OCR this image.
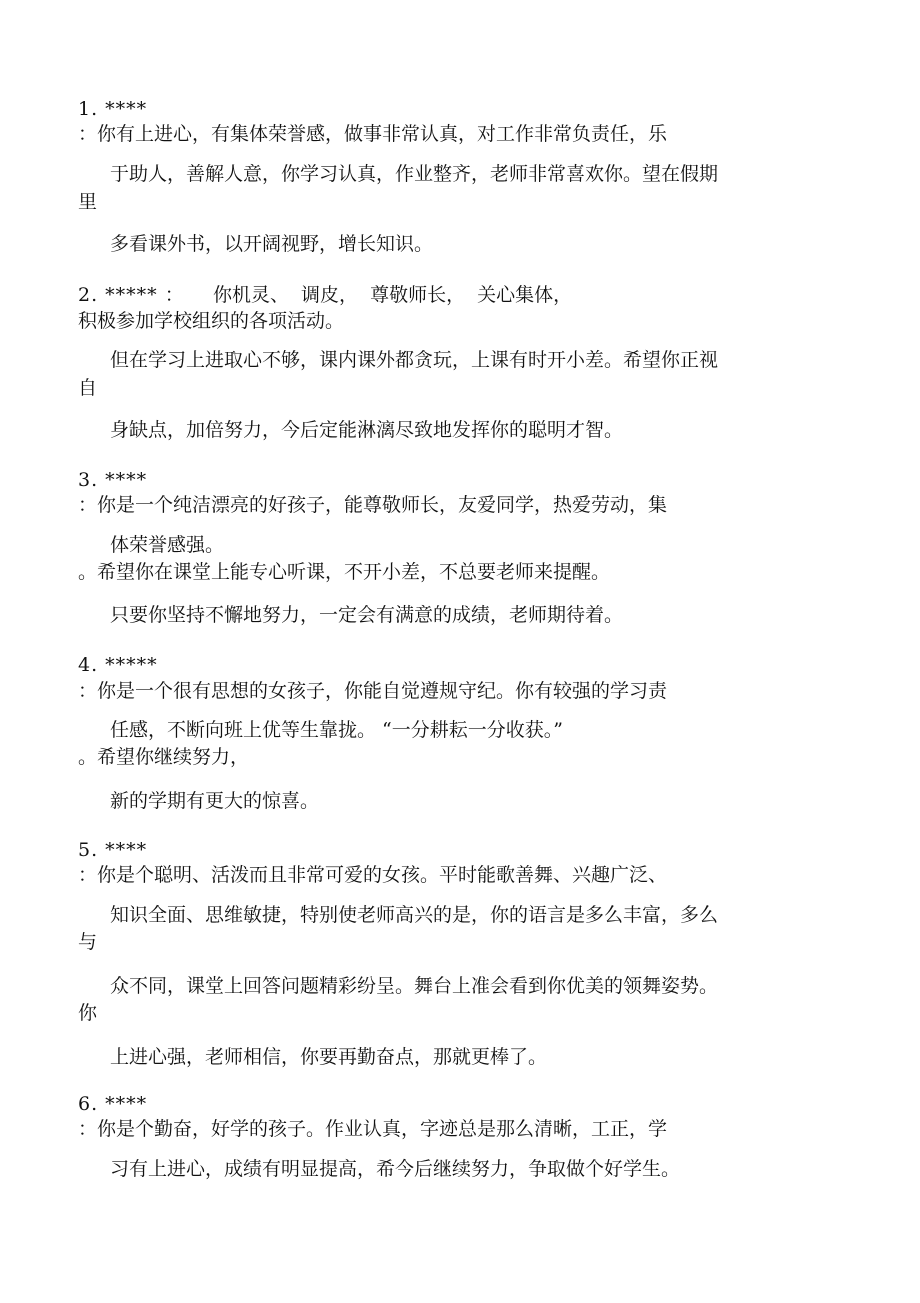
1. ****
：你有上进心，有集体荣誉感，做事非常认真，对工作非常负责任，乐
于助人，善解人意，你学习认真，作业整齐，老师非常喜欢你。望在假期
里
多看课外书，以开阔视野，增长知识。
2. ***** ： 你机灵、 调皮， 尊敬师长， 关心集体，
积极参加学校组织的各项活动。
但在学习上进取心不够，课内课外都贪玩，上课有时开小差。希望你正视
自
身缺点，加倍努力，今后定能淋漓尽致地发挥你的聪明才智。
3. ****
：你是一个纯洁漂亮的好孩子，能尊敬师长，友爱同学，热爱劳动，集
体荣誉感强。
。希望你在课堂上能专心听课，不开小差，不总要老师来提醒。
只要你坚持不懈地努力，一定会有满意的成绩，老师期待着。
4. *****
：你是一个很有思想的女孩子，你能自觉遵规守纪。你有较强的学习责
任感，不断向班上优等生靠拢。 “一分耕耘一分收获。”
。希望你继续努力，
新的学期有更大的惊喜。
5. ****
：你是个聪明、活泼而且非常可爱的女孩。平时能歌善舞、兴趣广泛、
知识全面、思维敏捷，特别使老师高兴的是，你的语言是多么丰富，多么
与
众不同，课堂上回答问题精彩纷呈。舞台上准会看到你优美的领舞姿势。
你
上进心强，老师相信，你要再勤奋点，那就更棒了。
6. ****
：你是个勤奋，好学的孩子。作业认真，字迹总是那么清晰，工正，学
习有上进心，成绩有明显提高，希今后继续努力，争取做个好学生。
